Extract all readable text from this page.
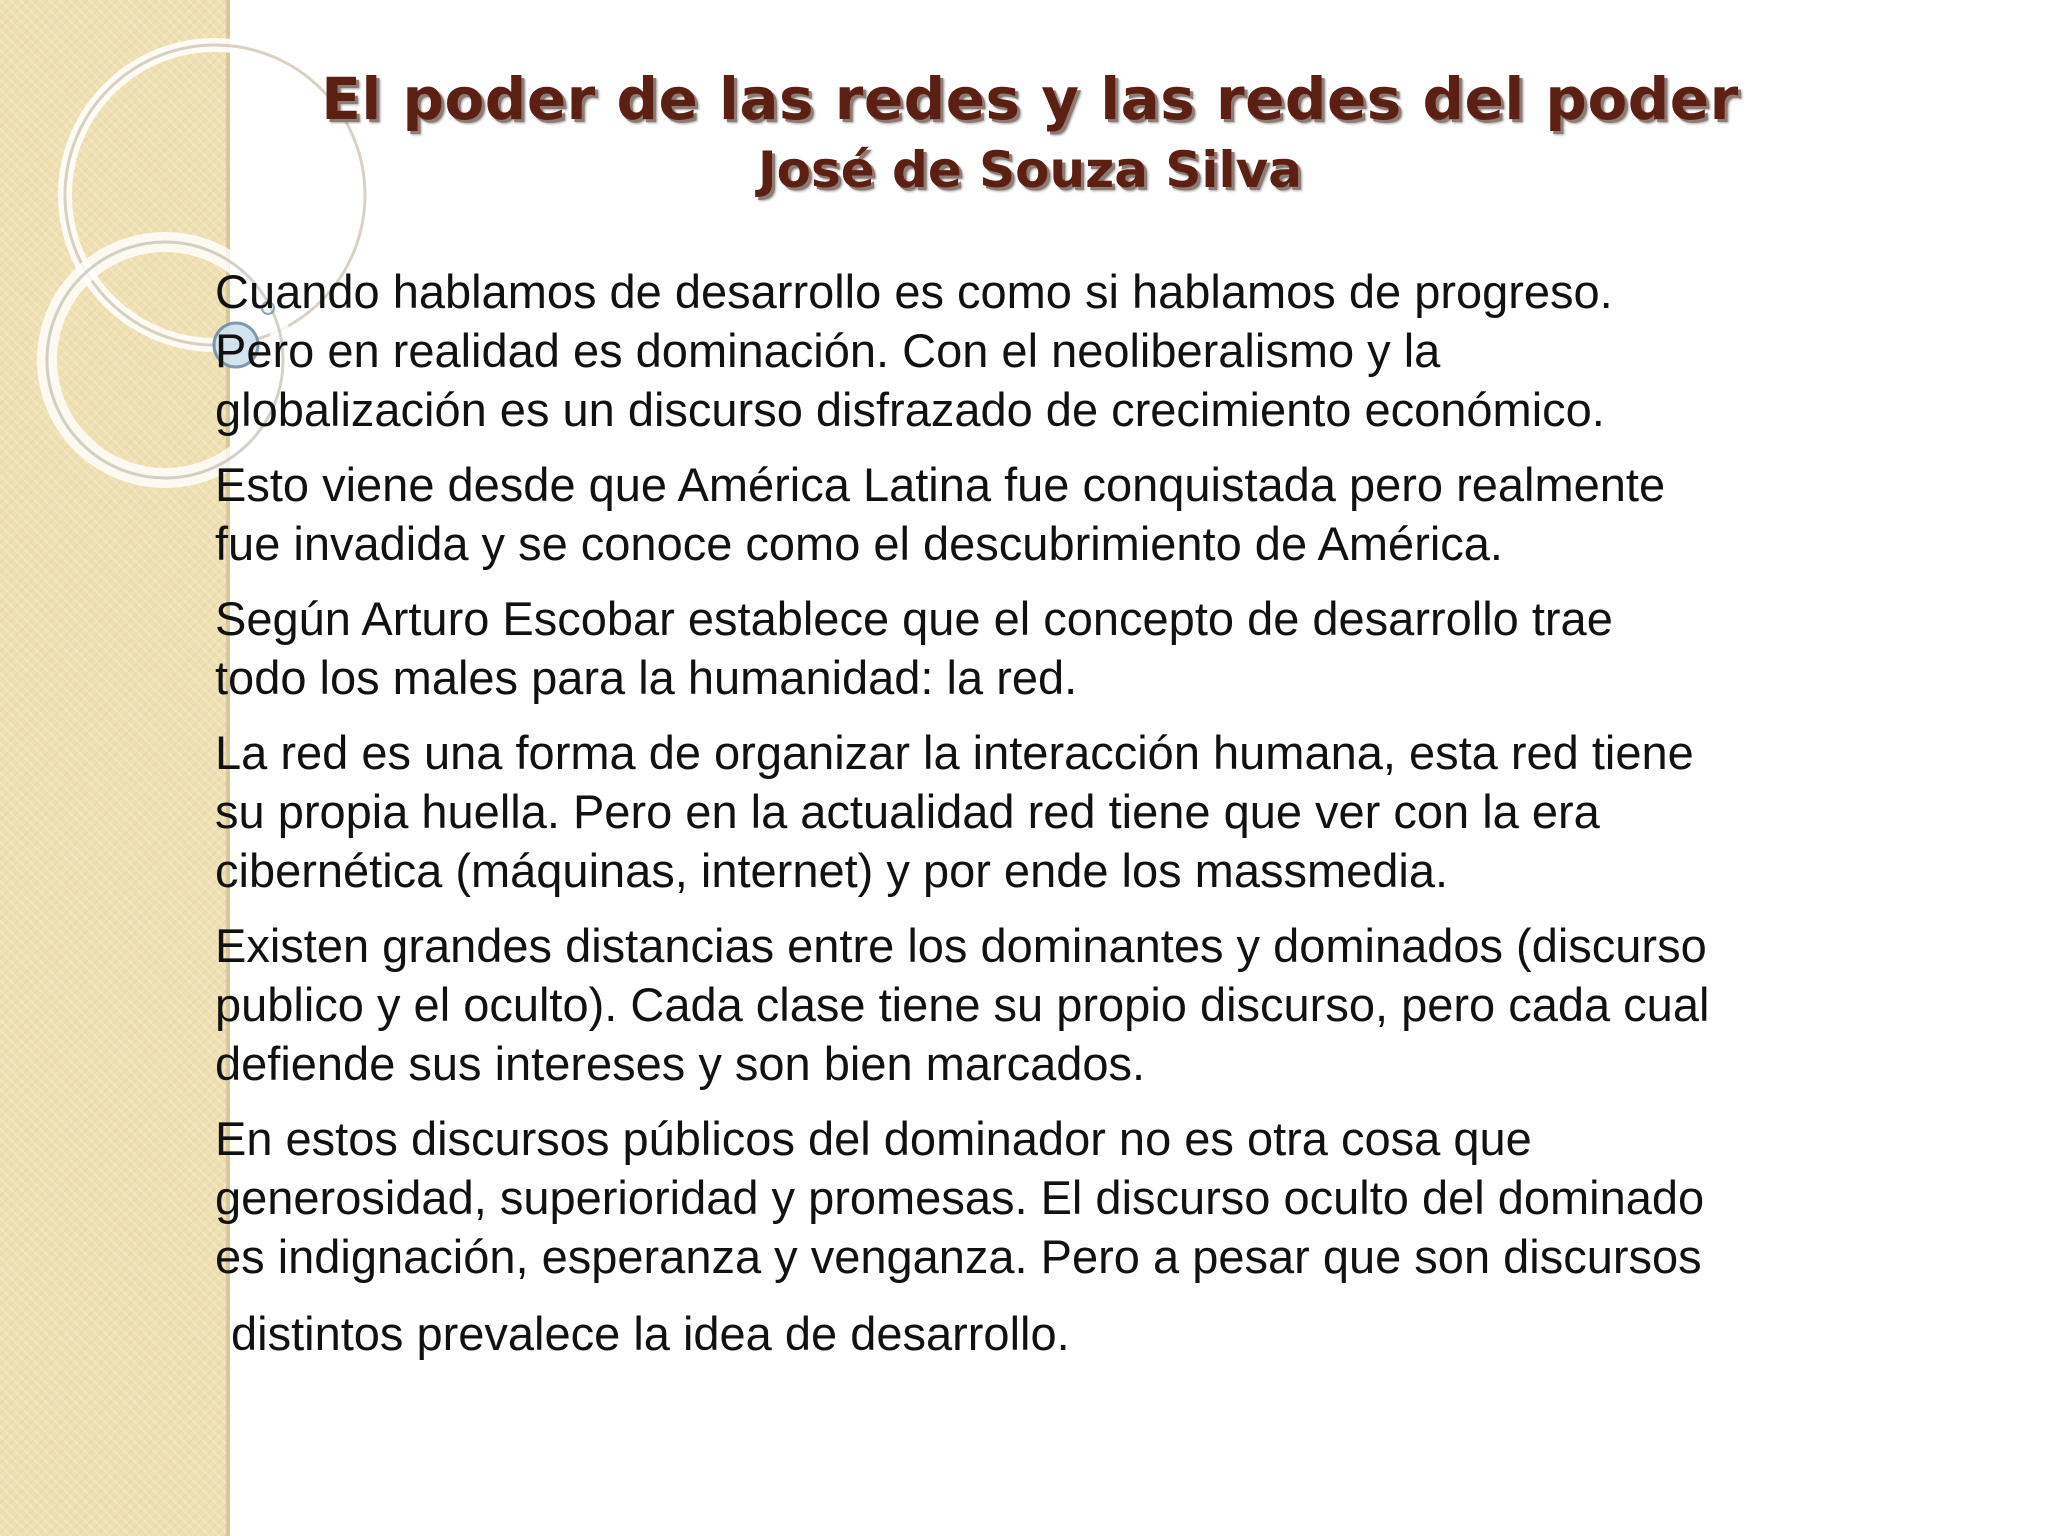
El poder de las redes y las redes del poder
José de Souza Silva

Cuando hablamos de desarrollo es como si hablamos de progreso.
Pero en realidad es dominación. Con el neoliberalismo y la
globalización es un discurso disfrazado de crecimiento económico.

Esto viene desde que América Latina fue conquistada pero realmente
fue invadida y se conoce como el descubrimiento de América.

Según Arturo Escobar establece que el concepto de desarrollo trae
todo los males para la humanidad: la red.

La red es una forma de organizar la interacción humana, esta red tiene
su propia huella. Pero en la actualidad red tiene que ver con la era
cibernética (máquinas, internet) y por ende los massmedia.

Existen grandes distancias entre los dominantes y dominados (discurso
publico y el oculto). Cada clase tiene su propio discurso, pero cada cual
defiende sus intereses y son bien marcados.

En estos discursos públicos del dominador no es otra cosa que
generosidad, superioridad y promesas. El discurso oculto del dominado
es indignación, esperanza y venganza. Pero a pesar que son discursos

distintos prevalece la idea de desarrollo.
